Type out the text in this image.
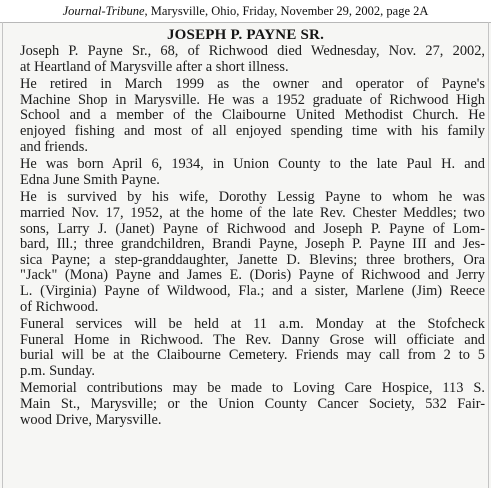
Journal-Tribune, Marysville, Ohio, Friday, November 29, 2002, page 2A
JOSEPH P. PAYNE SR.

Joseph P. Payne Sr., 68, of Richwood died Wednesday, Nov. 27, 2002,
at Heartland of Marysville after a short illness.

He retired in March 1999 as the owner and operator of Payne's
Machine Shop in Marysville. He was a 1952 graduate of Richwood High
School and a member of the Claibourne United Methodist Church. He
enjoyed fishing and most of all enjoyed spending time with his family
and friends.

He was born April 6, 1934, in Union County to the late Paul H. and
Edna June Smith Payne.

He is survived by his wife, Dorothy Lessig Payne to whom he was
married Nov. 17, 1952, at the home of the late Rev. Chester Meddles; two
sons, Larry J. (Janet) Payne of Richwood and Joseph P. Payne of Lom-
bard, Ill.; three grandchildren, Brandi Payne, Joseph P. Payne III and Jes-
sica Payne; a step-granddaughter, Janette D. Blevins; three brothers, Ora
"Jack" (Mona) Payne and James E. (Doris) Payne of Richwood and Jerry
L. (Virginia) Payne of Wildwood, Fla.; and a sister, Marlene (Jim) Reece
of Richwood.

Funeral services will be held at 11 a.m. Monday at the Stofcheck
Funeral Home in Richwood. The Rev. Danny Grose will officiate and
burial will be at the Claibourne Cemetery. Friends may call from 2 to 5
p.m. Sunday.

Memorial contributions may be made to Loving Care Hospice, 113 S.
Main St., Marysville; or the Union County Cancer Society, 532 Fair-
wood Drive, Marysville.
